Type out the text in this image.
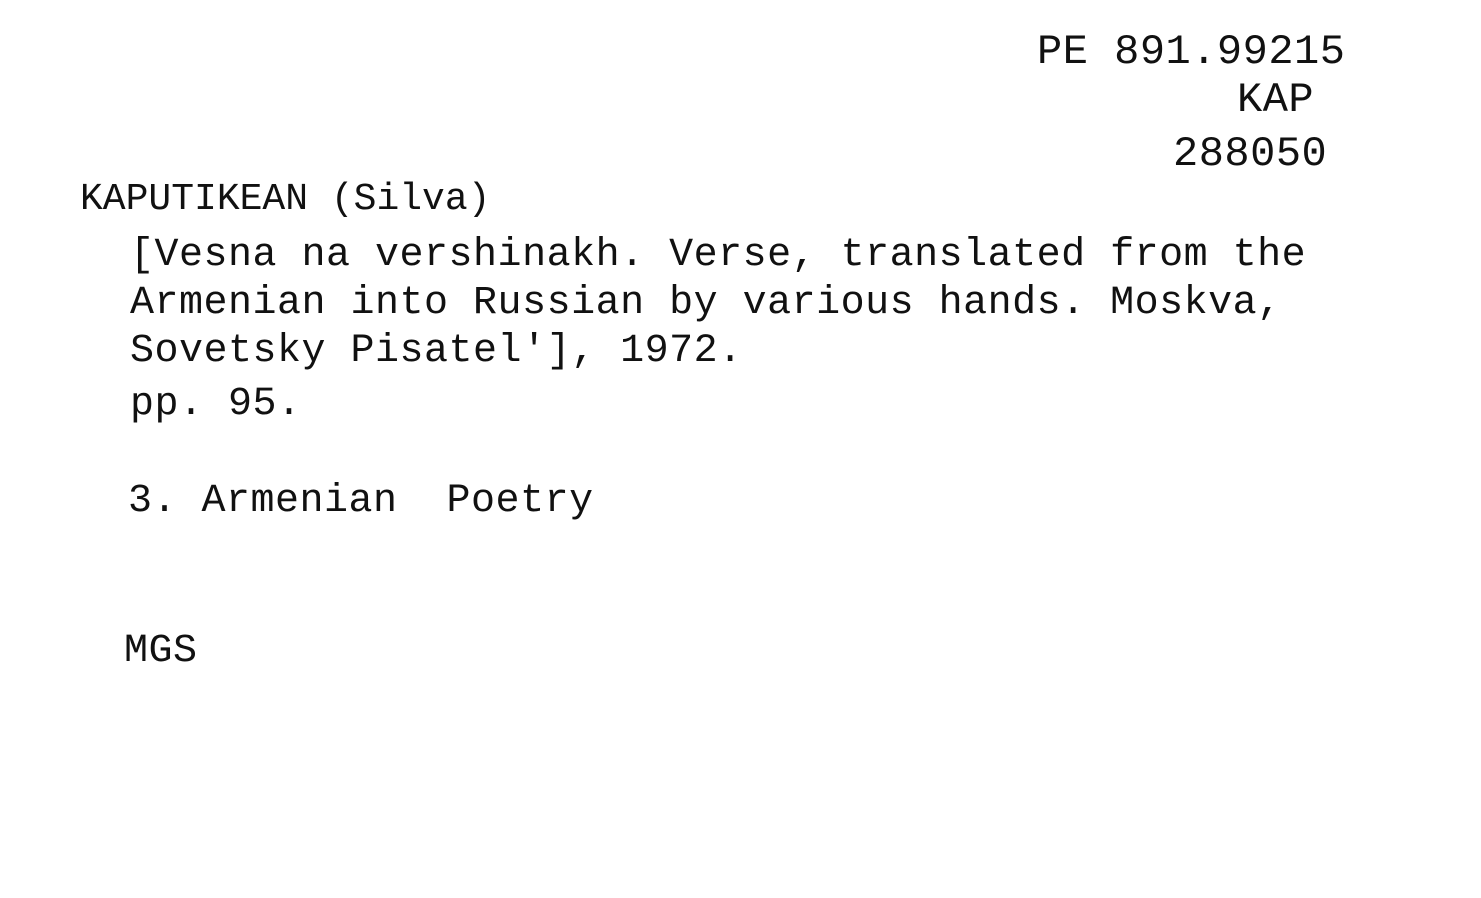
PE 891.99215
KAP
288050
KAPUTIKEAN (Silva)
[Vesna na vershinakh. Verse, translated from the
Armenian into Russian by various hands. Moskva,
Sovetsky Pisatel'], 1972.
pp. 95.
3. Armenian  Poetry
MGS
